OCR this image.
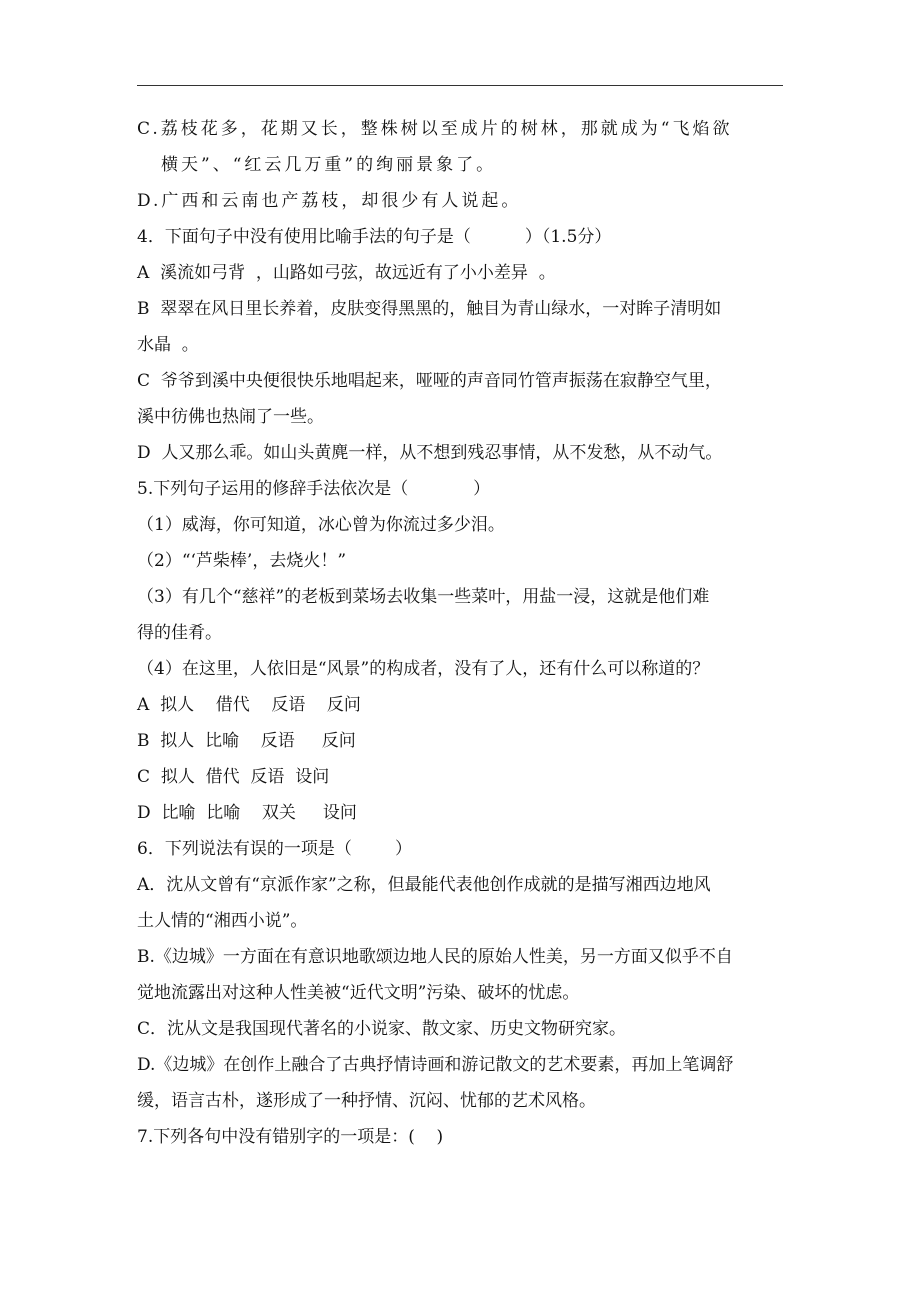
C.荔枝花多，花期又长，整株树以至成片的树林，那就成为“飞焰欲
横天”、“红云几万重”的绚丽景象了。
D.广西和云南也产荔枝，却很少有人说起。
4．下面句子中没有使用比喻手法的句子是（          ）（1.5分）
A  溪流如弓背  ，山路如弓弦，故远近有了小小差异  。
B  翠翠在风日里长养着，皮肤变得黑黑的，触目为青山绿水，一对眸子清明如
水晶  。
C  爷爷到溪中央便很快乐地唱起来，哑哑的声音同竹管声振荡在寂静空气里，
溪中彷佛也热闹了一些。
D  人又那么乖。如山头黄麂一样，从不想到残忍事情，从不发愁，从不动气。
5.下列句子运用的修辞手法依次是（            ）
（1）威海，你可知道，冰心曾为你流过多少泪。
（2）“‘芦柴棒’，去烧火！”
（3）有几个“慈祥”的老板到菜场去收集一些菜叶，用盐一浸，这就是他们难
得的佳肴。
（4）在这里，人依旧是“风景”的构成者，没有了人，还有什么可以称道的？
A  拟人    借代    反语    反问
B  拟人  比喻    反语     反问
C  拟人  借代  反语  设问
D  比喻  比喻    双关     设问
6．下列说法有误的一项是（        ）
A．沈从文曾有“京派作家”之称，但最能代表他创作成就的是描写湘西边地风
土人情的“湘西小说”。
B.《边城》一方面在有意识地歌颂边地人民的原始人性美，另一方面又似乎不自
觉地流露出对这种人性美被“近代文明”污染、破坏的忧虑。
C．沈从文是我国现代著名的小说家、散文家、历史文物研究家。
D.《边城》在创作上融合了古典抒情诗画和游记散文的艺术要素，再加上笔调舒
缓，语言古朴，遂形成了一种抒情、沉闷、忧郁的艺术风格。
7.下列各句中没有错别字的一项是：(    )
